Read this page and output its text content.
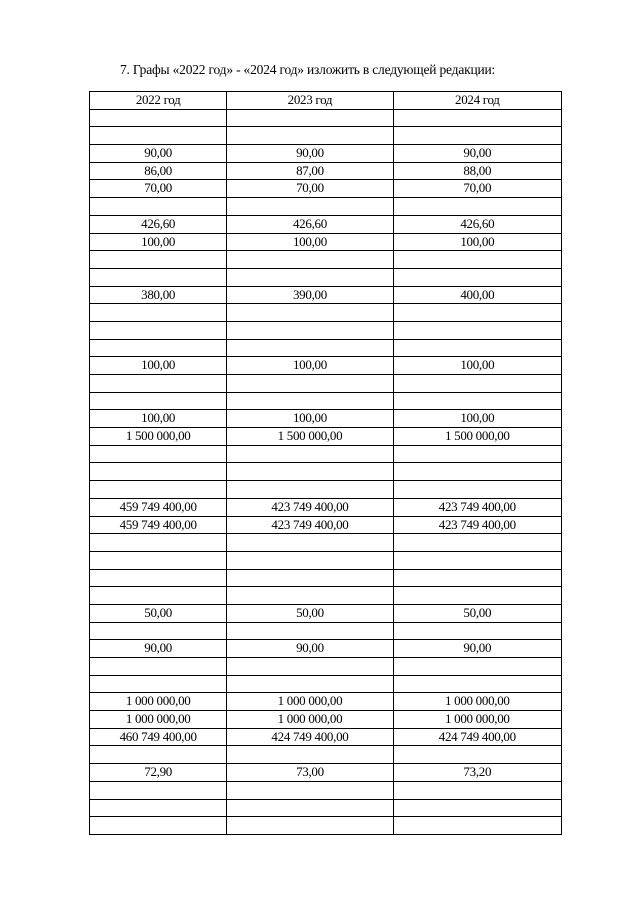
7. Графы «2022 год» - «2024 год» изложить в следующей редакции:
2022 год	2023 год	2024 год

90,00	90,00	90,00
86,00	87,00	88,00
70,00	70,00	70,00

426,60	426,60	426,60
100,00	100,00	100,00

380,00	390,00	400,00

100,00	100,00	100,00

100,00	100,00	100,00
1 500 000,00	1 500 000,00	1 500 000,00

459 749 400,00	423 749 400,00	423 749 400,00
459 749 400,00	423 749 400,00	423 749 400,00

50,00	50,00	50,00

90,00	90,00	90,00

1 000 000,00	1 000 000,00	1 000 000,00
1 000 000,00	1 000 000,00	1 000 000,00
460 749 400,00	424 749 400,00	424 749 400,00

72,90	73,00	73,20
